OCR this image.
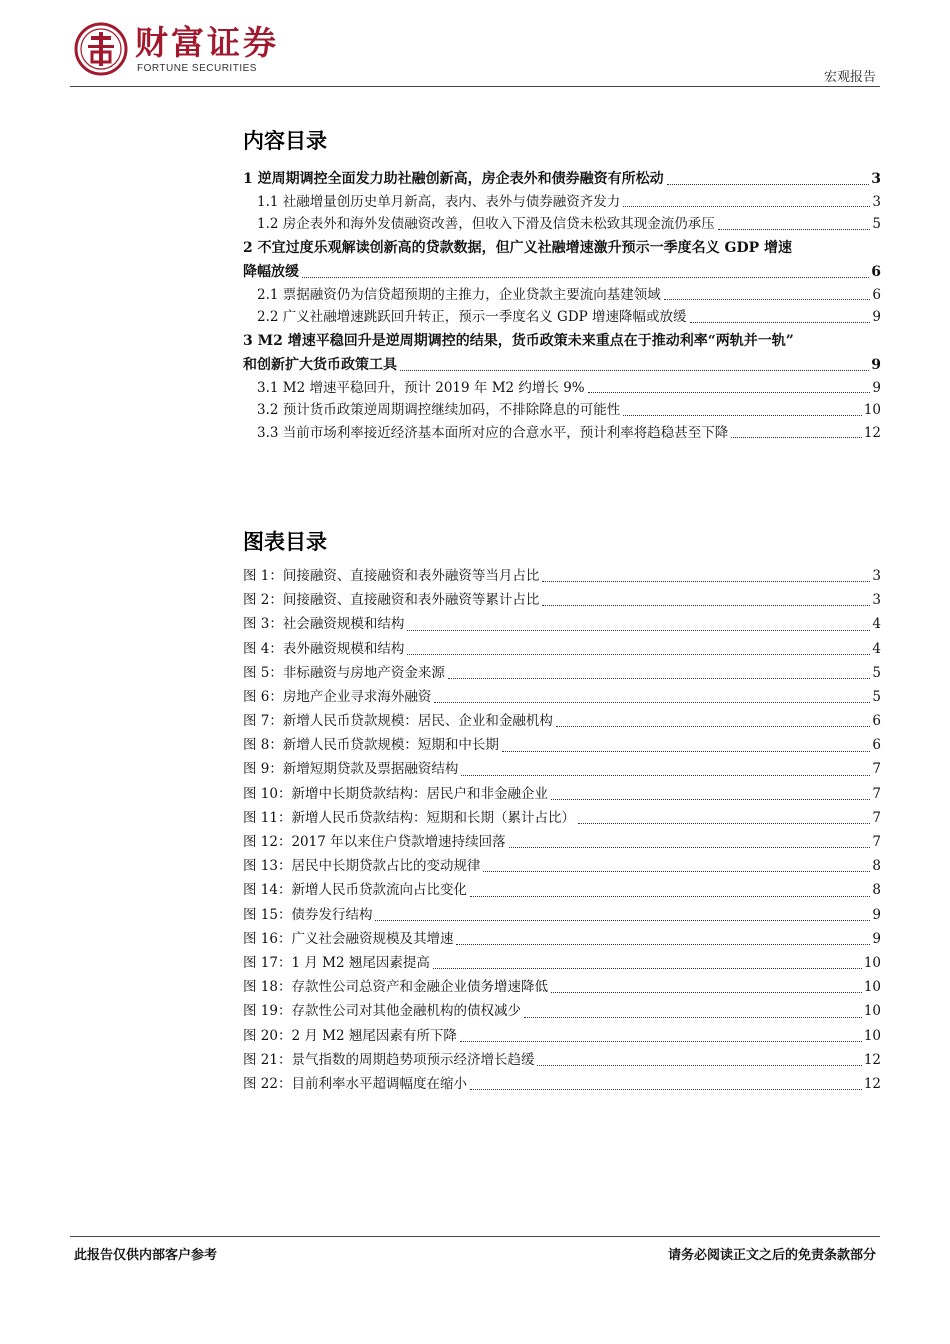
财富证券
FORTUNE SECURITIES
宏观报告
内容目录
1 逆周期调控全面发力助社融创新高，房企表外和债券融资有所松动	3
1.1 社融增量创历史单月新高，表内、表外与债券融资齐发力	3
1.2 房企表外和海外发债融资改善，但收入下滑及信贷未松致其现金流仍承压	5
2 不宜过度乐观解读创新高的贷款数据，但广义社融增速激升预示一季度名义 GDP 增速
降幅放缓	6
2.1 票据融资仍为信贷超预期的主推力，企业贷款主要流向基建领域	6
2.2 广义社融增速跳跃回升转正，预示一季度名义 GDP 增速降幅或放缓	9
3 M2 增速平稳回升是逆周期调控的结果，货币政策未来重点在于推动利率“两轨并一轨”
和创新扩大货币政策工具	9
3.1 M2 增速平稳回升，预计 2019 年 M2 约增长 9%	9
3.2 预计货币政策逆周期调控继续加码，不排除降息的可能性	10
3.3 当前市场利率接近经济基本面所对应的合意水平，预计利率将趋稳甚至下降	12
图表目录
图 1：间接融资、直接融资和表外融资等当月占比	3
图 2：间接融资、直接融资和表外融资等累计占比	3
图 3：社会融资规模和结构	4
图 4：表外融资规模和结构	4
图 5：非标融资与房地产资金来源	5
图 6：房地产企业寻求海外融资	5
图 7：新增人民币贷款规模：居民、企业和金融机构	6
图 8：新增人民币贷款规模：短期和中长期	6
图 9：新增短期贷款及票据融资结构	7
图 10：新增中长期贷款结构：居民户和非金融企业	7
图 11：新增人民币贷款结构：短期和长期（累计占比）	7
图 12：2017 年以来住户贷款增速持续回落	7
图 13：居民中长期贷款占比的变动规律	8
图 14：新增人民币贷款流向占比变化	8
图 15：债券发行结构	9
图 16：广义社会融资规模及其增速	9
图 17：1 月 M2 翘尾因素提高	10
图 18：存款性公司总资产和金融企业债务增速降低	10
图 19：存款性公司对其他金融机构的债权减少	10
图 20：2 月 M2 翘尾因素有所下降	10
图 21：景气指数的周期趋势项预示经济增长趋缓	12
图 22：目前利率水平超调幅度在缩小	12
此报告仅供内部客户参考	请务必阅读正文之后的免责条款部分
